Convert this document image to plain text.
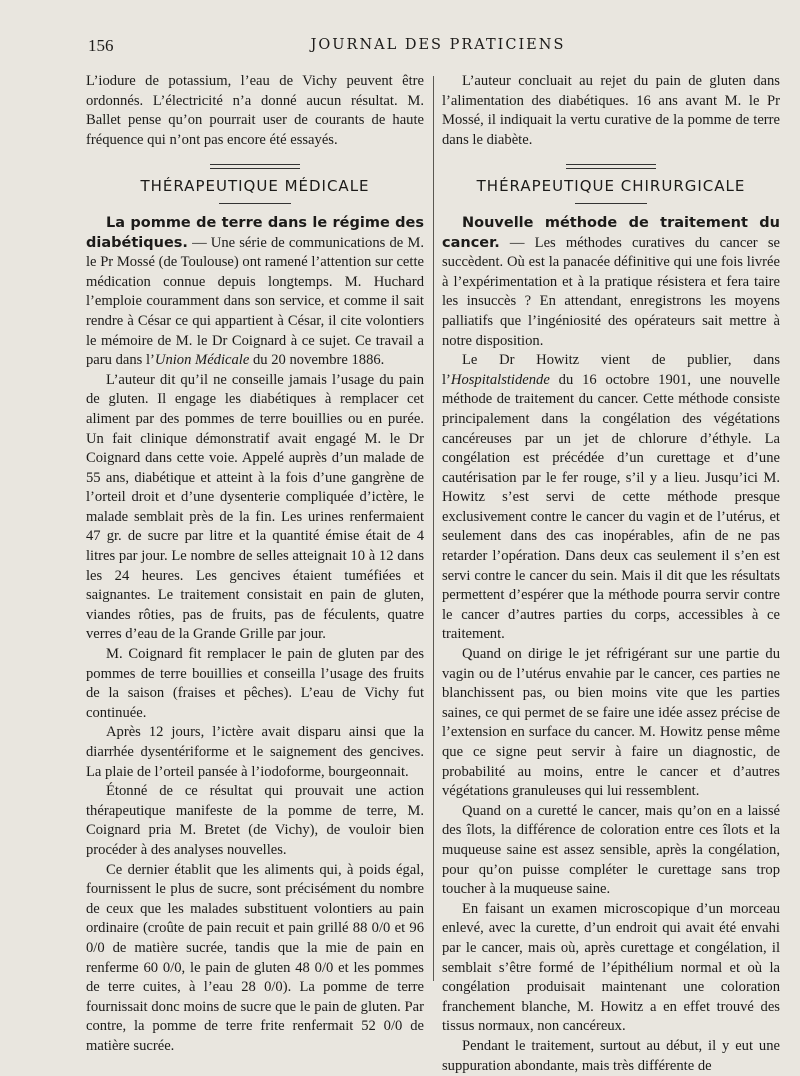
156	JOURNAL DES PRATICIENS

L’iodure de potassium, l’eau de Vichy peuvent être ordonnés. L’électricité n’a donné aucun résultat. M. Ballet pense qu’on pourrait user de courants de haute fréquence qui n’ont pas encore été essayés.

THÉRAPEUTIQUE MÉDICALE

La pomme de terre dans le régime des diabétiques. — Une série de communications de M. le Pr Mossé (de Toulouse) ont ramené l’attention sur cette médication connue depuis longtemps. M. Huchard l’emploie couramment dans son service, et comme il sait rendre à César ce qui appartient à César, il cite volontiers le mémoire de M. le Dr Coignard à ce sujet. Ce travail a paru dans l’Union Médicale du 20 novembre 1886.

L’auteur dit qu’il ne conseille jamais l’usage du pain de gluten. Il engage les diabétiques à remplacer cet aliment par des pommes de terre bouillies ou en purée. Un fait clinique démonstratif avait engagé M. le Dr Coignard dans cette voie. Appelé auprès d’un malade de 55 ans, diabétique et atteint à la fois d’une gangrène de l’orteil droit et d’une dysenterie compliquée d’ictère, le malade semblait près de la fin. Les urines renfermaient 47 gr. de sucre par litre et la quantité émise était de 4 litres par jour. Le nombre de selles atteignait 10 à 12 dans les 24 heures. Les gencives étaient tuméfiées et saignantes. Le traitement consistait en pain de gluten, viandes rôties, pas de fruits, pas de féculents, quatre verres d’eau de la Grande Grille par jour.

M. Coignard fit remplacer le pain de gluten par des pommes de terre bouillies et conseilla l’usage des fruits de la saison (fraises et pêches). L’eau de Vichy fut continuée.

Après 12 jours, l’ictère avait disparu ainsi que la diarrhée dysentériforme et le saignement des gencives. La plaie de l’orteil pansée à l’iodoforme, bourgeonnait.

Étonné de ce résultat qui prouvait une action thérapeutique manifeste de la pomme de terre, M. Coignard pria M. Bretet (de Vichy), de vouloir bien procéder à des analyses nouvelles.

Ce dernier établit que les aliments qui, à poids égal, fournissent le plus de sucre, sont précisément du nombre de ceux que les malades substituent volontiers au pain ordinaire (croûte de pain recuit et pain grillé 88 0/0 et 96 0/0 de matière sucrée, tandis que la mie de pain en renferme 60 0/0, le pain de gluten 48 0/0 et les pommes de terre cuites, à l’eau 28 0/0). La pomme de terre fournissait donc moins de sucre que le pain de gluten. Par contre, la pomme de terre frite renfermait 52 0/0 de matière sucrée.

L’auteur concluait au rejet du pain de gluten dans l’alimentation des diabétiques. 16 ans avant M. le Pr Mossé, il indiquait la vertu curative de la pomme de terre dans le diabète.

THÉRAPEUTIQUE CHIRURGICALE

Nouvelle méthode de traitement du cancer. — Les méthodes curatives du cancer se succèdent. Où est la panacée définitive qui une fois livrée à l’expérimentation et à la pratique résistera et fera taire les insuccès ? En attendant, enregistrons les moyens palliatifs que l’ingéniosité des opérateurs sait mettre à notre disposition.

Le Dr Howitz vient de publier, dans l’Hospitalstidende du 16 octobre 1901, une nouvelle méthode de traitement du cancer. Cette méthode consiste principalement dans la congélation des végétations cancéreuses par un jet de chlorure d’éthyle. La congélation est précédée d’un curettage et d’une cautérisation par le fer rouge, s’il y a lieu. Jusqu’ici M. Howitz s’est servi de cette méthode presque exclusivement contre le cancer du vagin et de l’utérus, et seulement dans des cas inopérables, afin de ne pas retarder l’opération. Dans deux cas seulement il s’en est servi contre le cancer du sein. Mais il dit que les résultats permettent d’espérer que la méthode pourra servir contre le cancer d’autres parties du corps, accessibles à ce traitement.

Quand on dirige le jet réfrigérant sur une partie du vagin ou de l’utérus envahie par le cancer, ces parties ne blanchissent pas, ou bien moins vite que les parties saines, ce qui permet de se faire une idée assez précise de l’extension en surface du cancer. M. Howitz pense même que ce signe peut servir à faire un diagnostic, de probabilité au moins, entre le cancer et d’autres végétations granuleuses qui lui ressemblent.

Quand on a curetté le cancer, mais qu’on en a laissé des îlots, la différence de coloration entre ces îlots et la muqueuse saine est assez sensible, après la congélation, pour qu’on puisse compléter le curettage sans trop toucher à la muqueuse saine.

En faisant un examen microscopique d’un morceau enlevé, avec la curette, d’un endroit qui avait été envahi par le cancer, mais où, après curettage et congélation, il semblait s’être formé de l’épithélium normal et où la congélation produisait maintenant une coloration franchement blanche, M. Howitz a en effet trouvé des tissus normaux, non cancéreux.

Pendant le traitement, surtout au début, il y eut une suppuration abondante, mais très différente de
